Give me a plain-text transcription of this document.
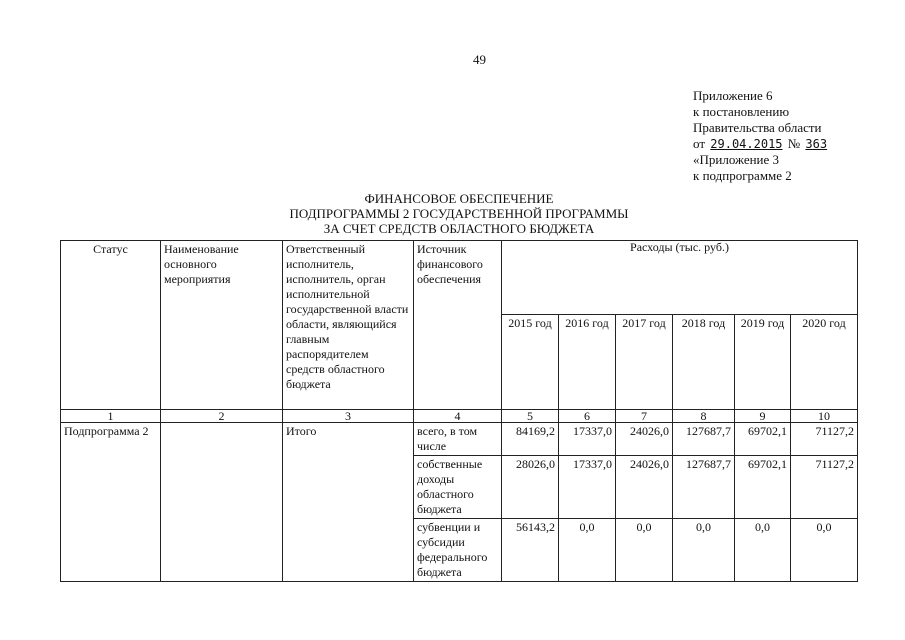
49
Приложение 6
к постановлению
Правительства области
от 29.04.2015 № 363
«Приложение 3
к подпрограмме 2
ФИНАНСОВОЕ ОБЕСПЕЧЕНИЕ
ПОДПРОГРАММЫ 2 ГОСУДАРСТВЕННОЙ ПРОГРАММЫ
ЗА СЧЕТ СРЕДСТВ ОБЛАСТНОГО БЮДЖЕТА
Статус	Наименование основного мероприятия	Ответственный исполнитель, исполнитель, орган исполнительной государственной власти области, являющийся главным распорядителем средств областного бюджета	Источник финансового обеспечения	Расходы (тыс. руб.)					
				2015 год	2016 год	2017 год	2018 год	2019 год	2020 год
1	2	3	4	5	6	7	8	9	10
Подпрограмма 2		Итого	всего, в том числе	84169,2	17337,0	24026,0	127687,7	69702,1	71127,2
			собственные доходы областного бюджета	28026,0	17337,0	24026,0	127687,7	69702,1	71127,2
			субвенции и субсидии федерального бюджета	56143,2	0,0	0,0	0,0	0,0	0,0
